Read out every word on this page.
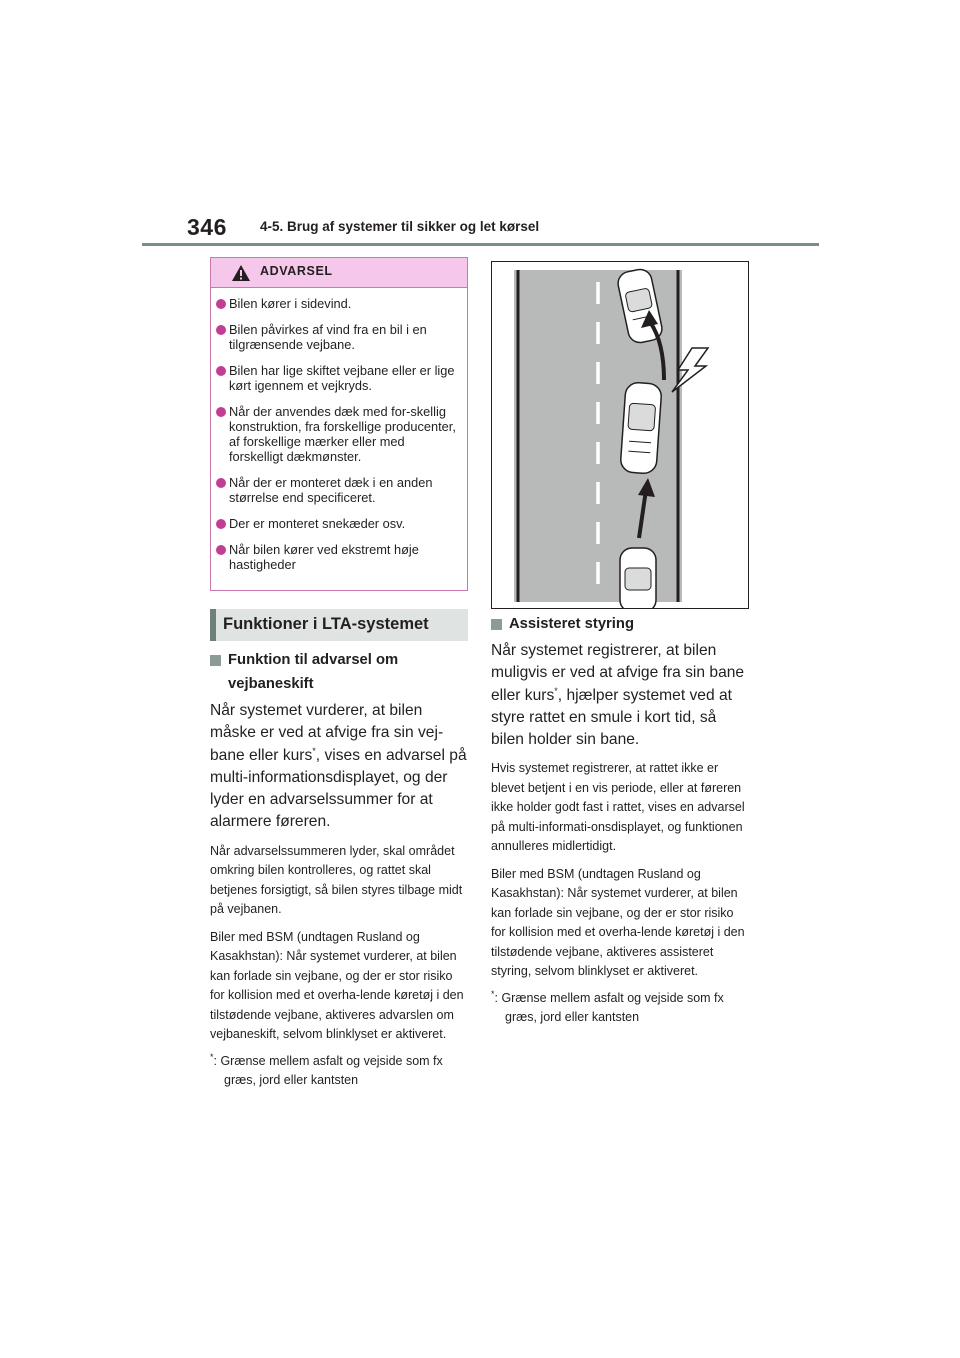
346 4-5. Brug af systemer til sikker og let kørsel
ADVARSEL
Bilen kører i sidevind.
Bilen påvirkes af vind fra en bil i en tilgrænsende vejbane.
Bilen har lige skiftet vejbane eller er lige kørt igennem et vejkryds.
Når der anvendes dæk med for-skellig konstruktion, fra forskellige producenter, af forskellige mærker eller med forskelligt dækmønster.
Når der er monteret dæk i en anden størrelse end specificeret.
Der er monteret snekæder osv.
Når bilen kører ved ekstremt høje hastigheder
Funktioner i LTA-systemet
Funktion til advarsel om vejbaneskift
Når systemet vurderer, at bilen måske er ved at afvige fra sin vej-bane eller kurs*, vises en advarsel på multi-informationsdisplayet, og der lyder en advarselssummer for at alarmere føreren.
Når advarselssummeren lyder, skal området omkring bilen kontrolleres, og rattet skal betjenes forsigtigt, så bilen styres tilbage midt på vejbanen.
Biler med BSM (undtagen Rusland og Kasakhstan): Når systemet vurderer, at bilen kan forlade sin vejbane, og der er stor risiko for kollision med et overha-lende køretøj i den tilstødende vejbane, aktiveres advarslen om vejbaneskift, selvom blinklyset er aktiveret.
*: Grænse mellem asfalt og vejside som fx græs, jord eller kantsten
Assisteret styring
Når systemet registrerer, at bilen muligvis er ved at afvige fra sin bane eller kurs*, hjælper systemet ved at styre rattet en smule i kort tid, så bilen holder sin bane.
Hvis systemet registrerer, at rattet ikke er blevet betjent i en vis periode, eller at føreren ikke holder godt fast i rattet, vises en advarsel på multi-informati-onsdisplayet, og funktionen annulleres midlertidigt.
Biler med BSM (undtagen Rusland og Kasakhstan): Når systemet vurderer, at bilen kan forlade sin vejbane, og der er stor risiko for kollision med et overha-lende køretøj i den tilstødende vejbane, aktiveres assisteret styring, selvom blinklyset er aktiveret.
*: Grænse mellem asfalt og vejside som fx græs, jord eller kantsten
